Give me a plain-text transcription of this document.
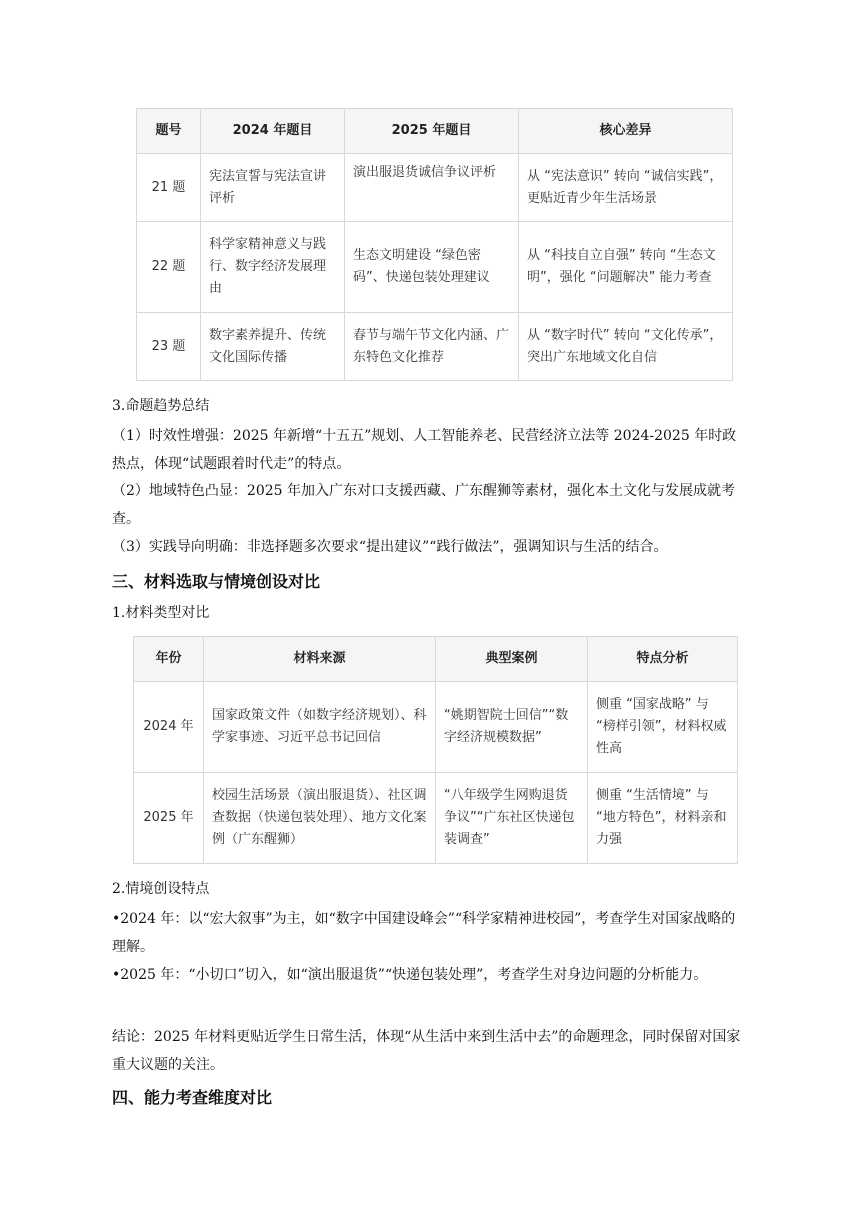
题号	2024 年题目	2025 年题目	核心差异
21 题	宪法宣誓与宪法宣讲评析	演出服退货诚信争议评析	从 “宪法意识” 转向 “诚信实践”，更贴近青少年生活场景
22 题	科学家精神意义与践行、数字经济发展理由	生态文明建设 “绿色密码”、快递包装处理建议	从 “科技自立自强” 转向 “生态文明”，强化 “问题解决” 能力考查
23 题	数字素养提升、传统文化国际传播	春节与端午节文化内涵、广东特色文化推荐	从 “数字时代” 转向 “文化传承”，突出广东地域文化自信
3.命题趋势总结
（1）时效性增强：2025 年新增“十五五”规划、人工智能养老、民营经济立法等 2024-2025 年时政热点，体现“试题跟着时代走”的特点。
（2）地域特色凸显：2025 年加入广东对口支援西藏、广东醒狮等素材，强化本土文化与发展成就考查。
（3）实践导向明确：非选择题多次要求“提出建议”“践行做法”，强调知识与生活的结合。
三、材料选取与情境创设对比
1.材料类型对比
年份	材料来源	典型案例	特点分析
2024 年	国家政策文件（如数字经济规划）、科学家事迹、习近平总书记回信	“姚期智院士回信”“数字经济规模数据”	侧重 “国家战略” 与 “榜样引领”，材料权威性高
2025 年	校园生活场景（演出服退货）、社区调查数据（快递包装处理）、地方文化案例（广东醒狮）	“八年级学生网购退货争议”“广东社区快递包装调查”	侧重 “生活情境” 与 “地方特色”，材料亲和力强
2.情境创设特点
•2024 年：以“宏大叙事”为主，如“数字中国建设峰会”“科学家精神进校园”，考查学生对国家战略的理解。
•2025 年：“小切口”切入，如“演出服退货”“快递包装处理”，考查学生对身边问题的分析能力。
结论：2025 年材料更贴近学生日常生活，体现“从生活中来到生活中去”的命题理念，同时保留对国家重大议题的关注。
四、能力考查维度对比
